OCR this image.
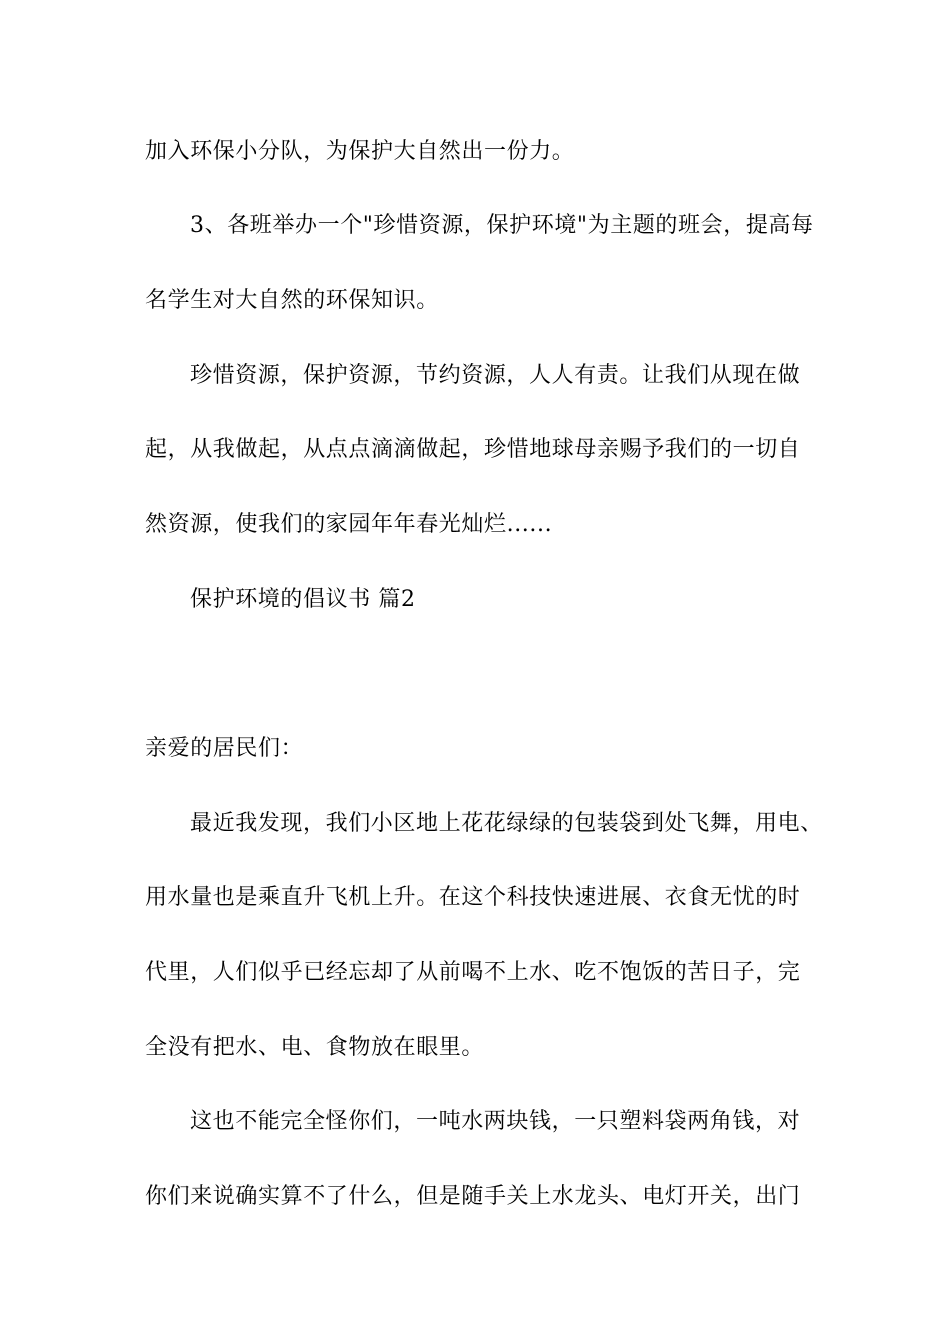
加入环保小分队，为保护大自然出一份力。
3、各班举办一个"珍惜资源，保护环境"为主题的班会，提高每
名学生对大自然的环保知识。
珍惜资源，保护资源，节约资源，人人有责。让我们从现在做
起，从我做起，从点点滴滴做起，珍惜地球母亲赐予我们的一切自
然资源，使我们的家园年年春光灿烂......
保护环境的倡议书 篇2
亲爱的居民们：
最近我发现，我们小区地上花花绿绿的包装袋到处飞舞，用电、
用水量也是乘直升飞机上升。在这个科技快速进展、衣食无忧的时
代里，人们似乎已经忘却了从前喝不上水、吃不饱饭的苦日子，完
全没有把水、电、食物放在眼里。
这也不能完全怪你们，一吨水两块钱，一只塑料袋两角钱，对
你们来说确实算不了什么，但是随手关上水龙头、电灯开关，出门
